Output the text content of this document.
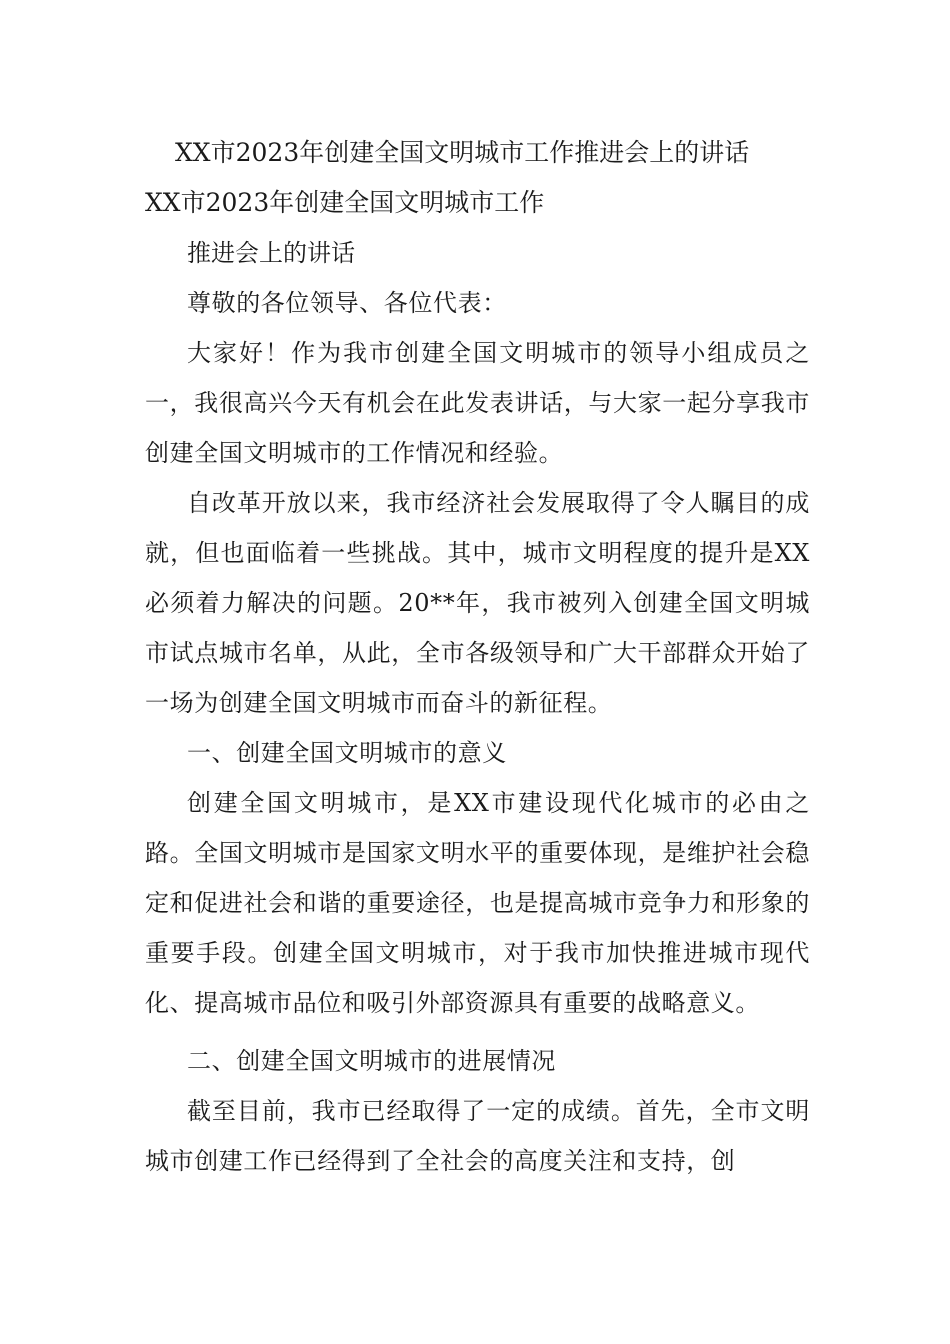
XX市2023年创建全国文明城市工作推进会上的讲话
XX市2023年创建全国文明城市工作
推进会上的讲话

尊敬的各位领导、各位代表：

大家好！作为我市创建全国文明城市的领导小组成员之一，我很高兴今天有机会在此发表讲话，与大家一起分享我市创建全国文明城市的工作情况和经验。

自改革开放以来，我市经济社会发展取得了令人瞩目的成就，但也面临着一些挑战。其中，城市文明程度的提升是XX必须着力解决的问题。20**年，我市被列入创建全国文明城市试点城市名单，从此，全市各级领导和广大干部群众开始了一场为创建全国文明城市而奋斗的新征程。

一、创建全国文明城市的意义

创建全国文明城市，是XX市建设现代化城市的必由之路。全国文明城市是国家文明水平的重要体现，是维护社会稳定和促进社会和谐的重要途径，也是提高城市竞争力和形象的重要手段。创建全国文明城市，对于我市加快推进城市现代化、提高城市品位和吸引外部资源具有重要的战略意义。

二、创建全国文明城市的进展情况

截至目前，我市已经取得了一定的成绩。首先，全市文明城市创建工作已经得到了全社会的高度关注和支持，创
